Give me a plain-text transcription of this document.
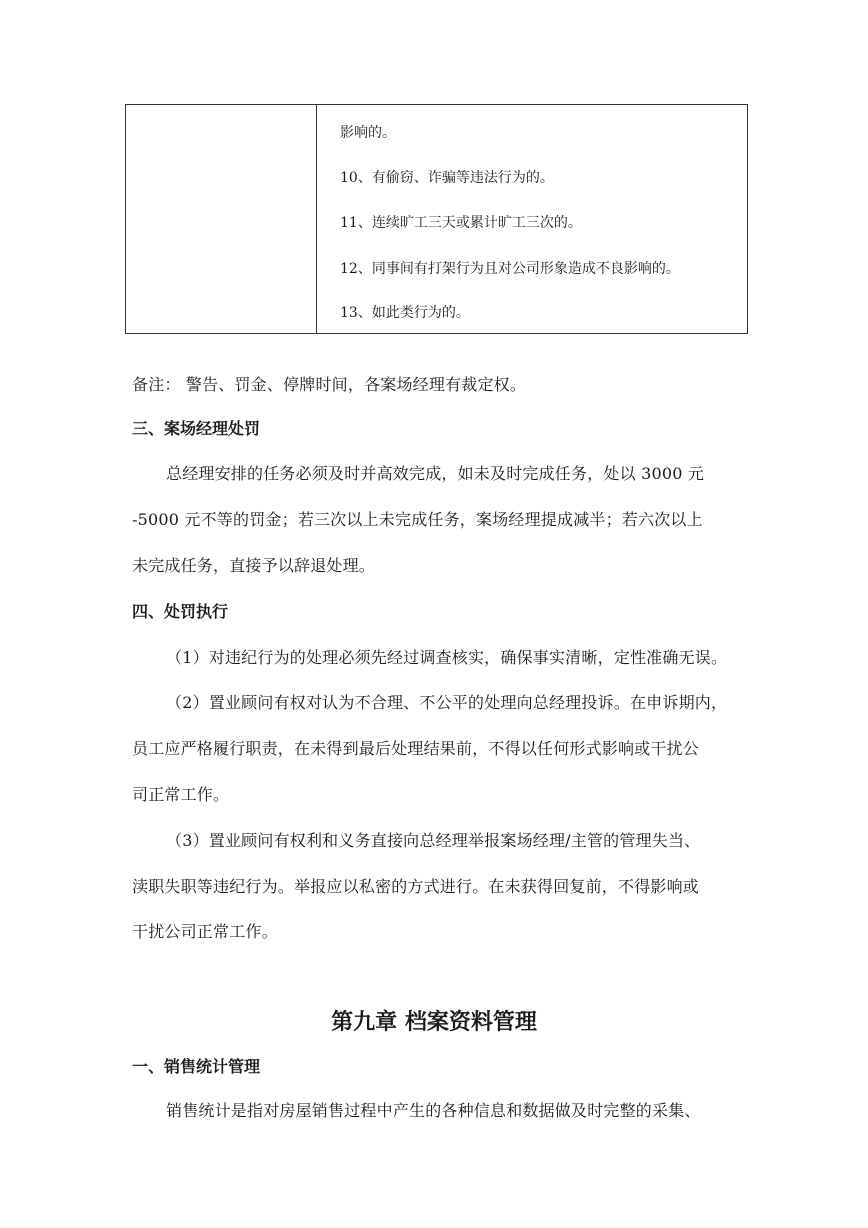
影响的。
10、有偷窃、诈骗等违法行为的。
11、连续旷工三天或累计旷工三次的。
12、同事间有打架行为且对公司形象造成不良影响的。
13、如此类行为的。
备注： 警告、罚金、停牌时间，各案场经理有裁定权。
三、案场经理处罚
总经理安排的任务必须及时并高效完成，如未及时完成任务，处以 3000 元
-5000 元不等的罚金；若三次以上未完成任务，案场经理提成减半；若六次以上
未完成任务，直接予以辞退处理。
四、处罚执行
（1）对违纪行为的处理必须先经过调查核实，确保事实清晰，定性准确无误。
（2）置业顾问有权对认为不合理、不公平的处理向总经理投诉。在申诉期内，
员工应严格履行职责，在未得到最后处理结果前，不得以任何形式影响或干扰公
司正常工作。
（3）置业顾问有权利和义务直接向总经理举报案场经理/主管的管理失当、
渎职失职等违纪行为。举报应以私密的方式进行。在未获得回复前，不得影响或
干扰公司正常工作。
第九章 档案资料管理
一、销售统计管理
销售统计是指对房屋销售过程中产生的各种信息和数据做及时完整的采集、
